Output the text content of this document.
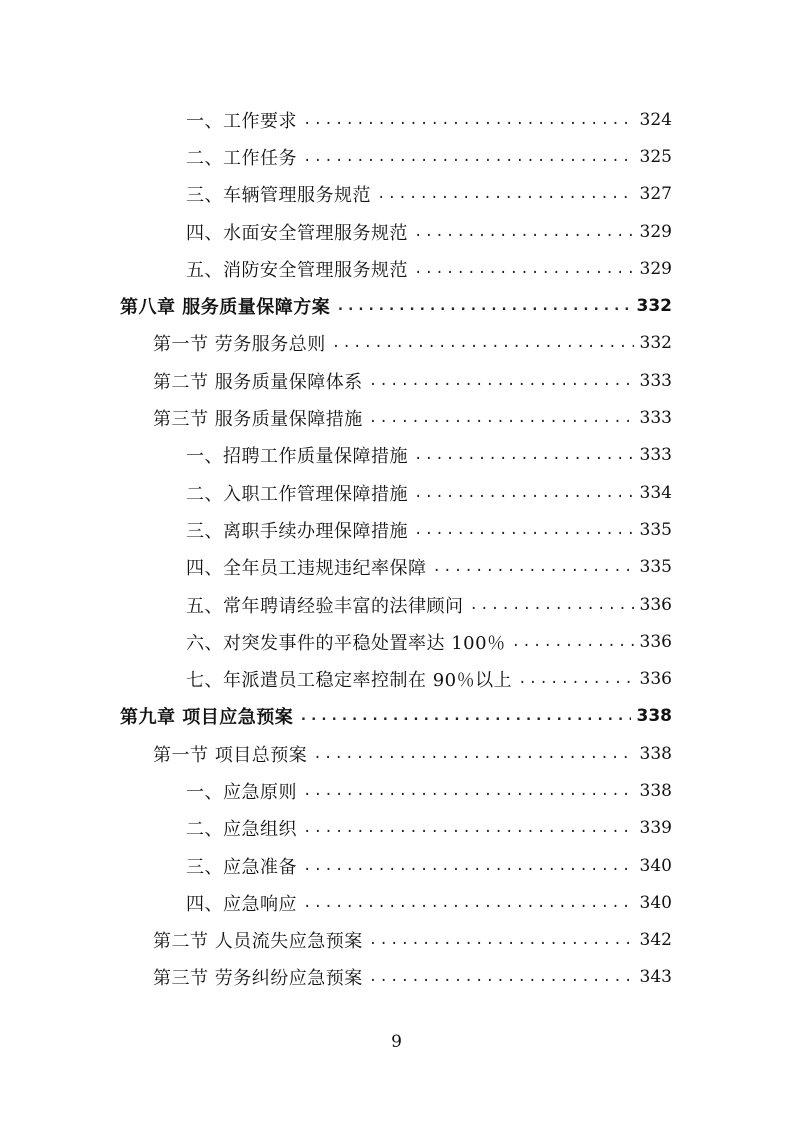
一、工作要求 .....	324
二、工作任务 .....	325
三、车辆管理服务规范 .....	327
四、水面安全管理服务规范 .....	329
五、消防安全管理服务规范 .....	329
第八章 服务质量保障方案 .....	332
第一节 劳务服务总则 .....	332
第二节 服务质量保障体系 .....	333
第三节 服务质量保障措施 .....	333
一、招聘工作质量保障措施 .....	333
二、入职工作管理保障措施 .....	334
三、离职手续办理保障措施 .....	335
四、全年员工违规违纪率保障 .....	335
五、常年聘请经验丰富的法律顾问 .....	336
六、对突发事件的平稳处置率达 100％ .....	336
七、年派遣员工稳定率控制在 90％以上 .....	336
第九章 项目应急预案 .....	338
第一节 项目总预案 .....	338
一、应急原则 .....	338
二、应急组织 .....	339
三、应急准备 .....	340
四、应急响应 .....	340
第二节 人员流失应急预案 .....	342
第三节 劳务纠纷应急预案 .....	343
9
